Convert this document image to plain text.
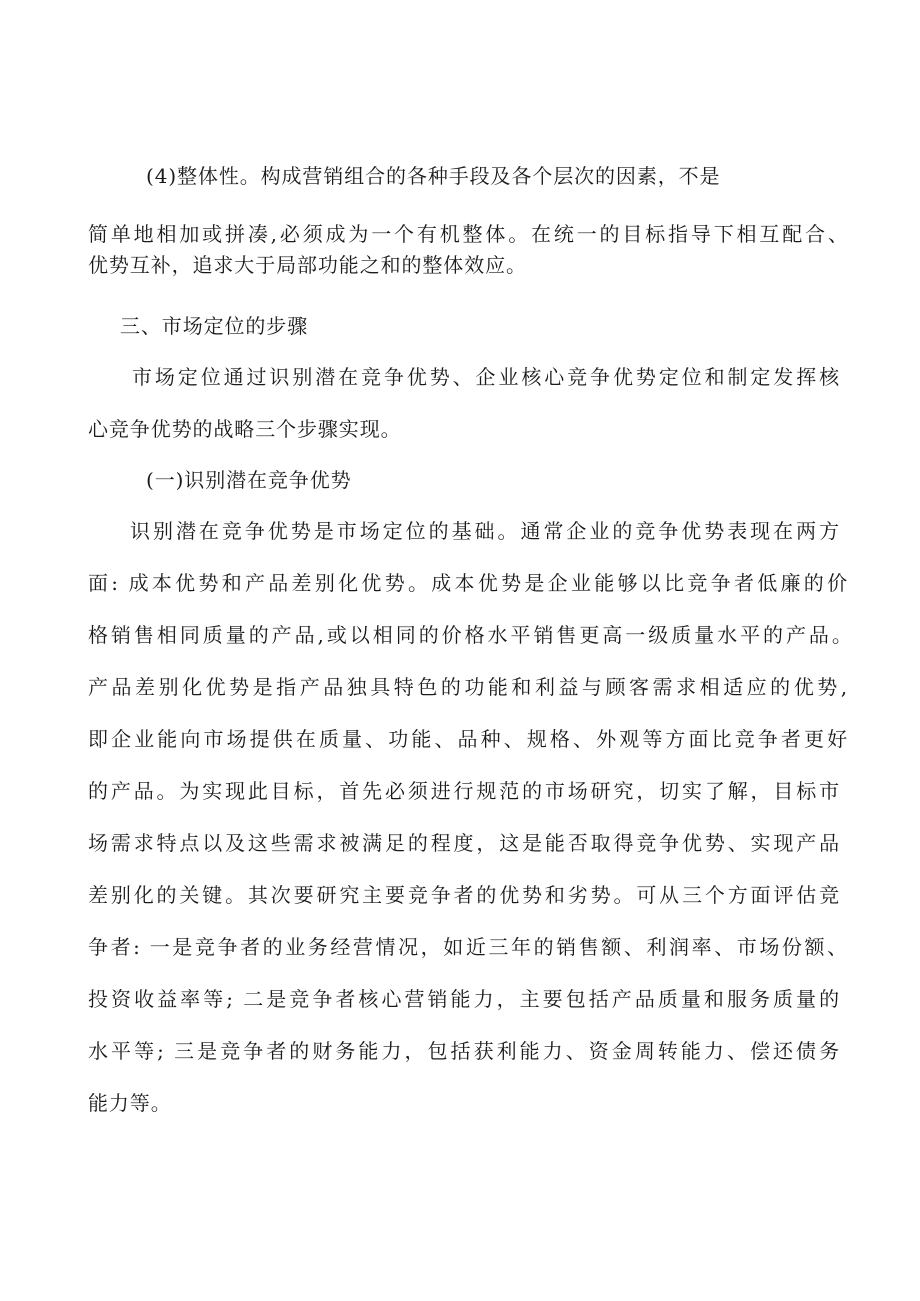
(4)整体性。构成营销组合的各种手段及各个层次的因素，不是
简单地相加或拼凑,必须成为一个有机整体。在统一的目标指导下相互配合、
优势互补，追求大于局部功能之和的整体效应。
三、市场定位的步骤
市场定位通过识别潜在竞争优势、企业核心竞争优势定位和制定发挥核
心竞争优势的战略三个步骤实现。
(一)识别潜在竞争优势
识别潜在竞争优势是市场定位的基础。通常企业的竞争优势表现在两方
面: 成本优势和产品差别化优势。成本优势是企业能够以比竞争者低廉的价
格销售相同质量的产品,或以相同的价格水平销售更高一级质量水平的产品。
产品差别化优势是指产品独具特色的功能和利益与顾客需求相适应的优势,
即企业能向市场提供在质量、功能、品种、规格、外观等方面比竞争者更好
的产品。为实现此目标，首先必须进行规范的市场研究，切实了解，目标市
场需求特点以及这些需求被满足的程度，这是能否取得竞争优势、实现产品
差别化的关键。其次要研究主要竞争者的优势和劣势。可从三个方面评估竞
争者: 一是竞争者的业务经营情况，如近三年的销售额、利润率、市场份额、
投资收益率等; 二是竞争者核心营销能力，主要包括产品质量和服务质量的
水平等; 三是竞争者的财务能力，包括获利能力、资金周转能力、偿还债务
能力等。
